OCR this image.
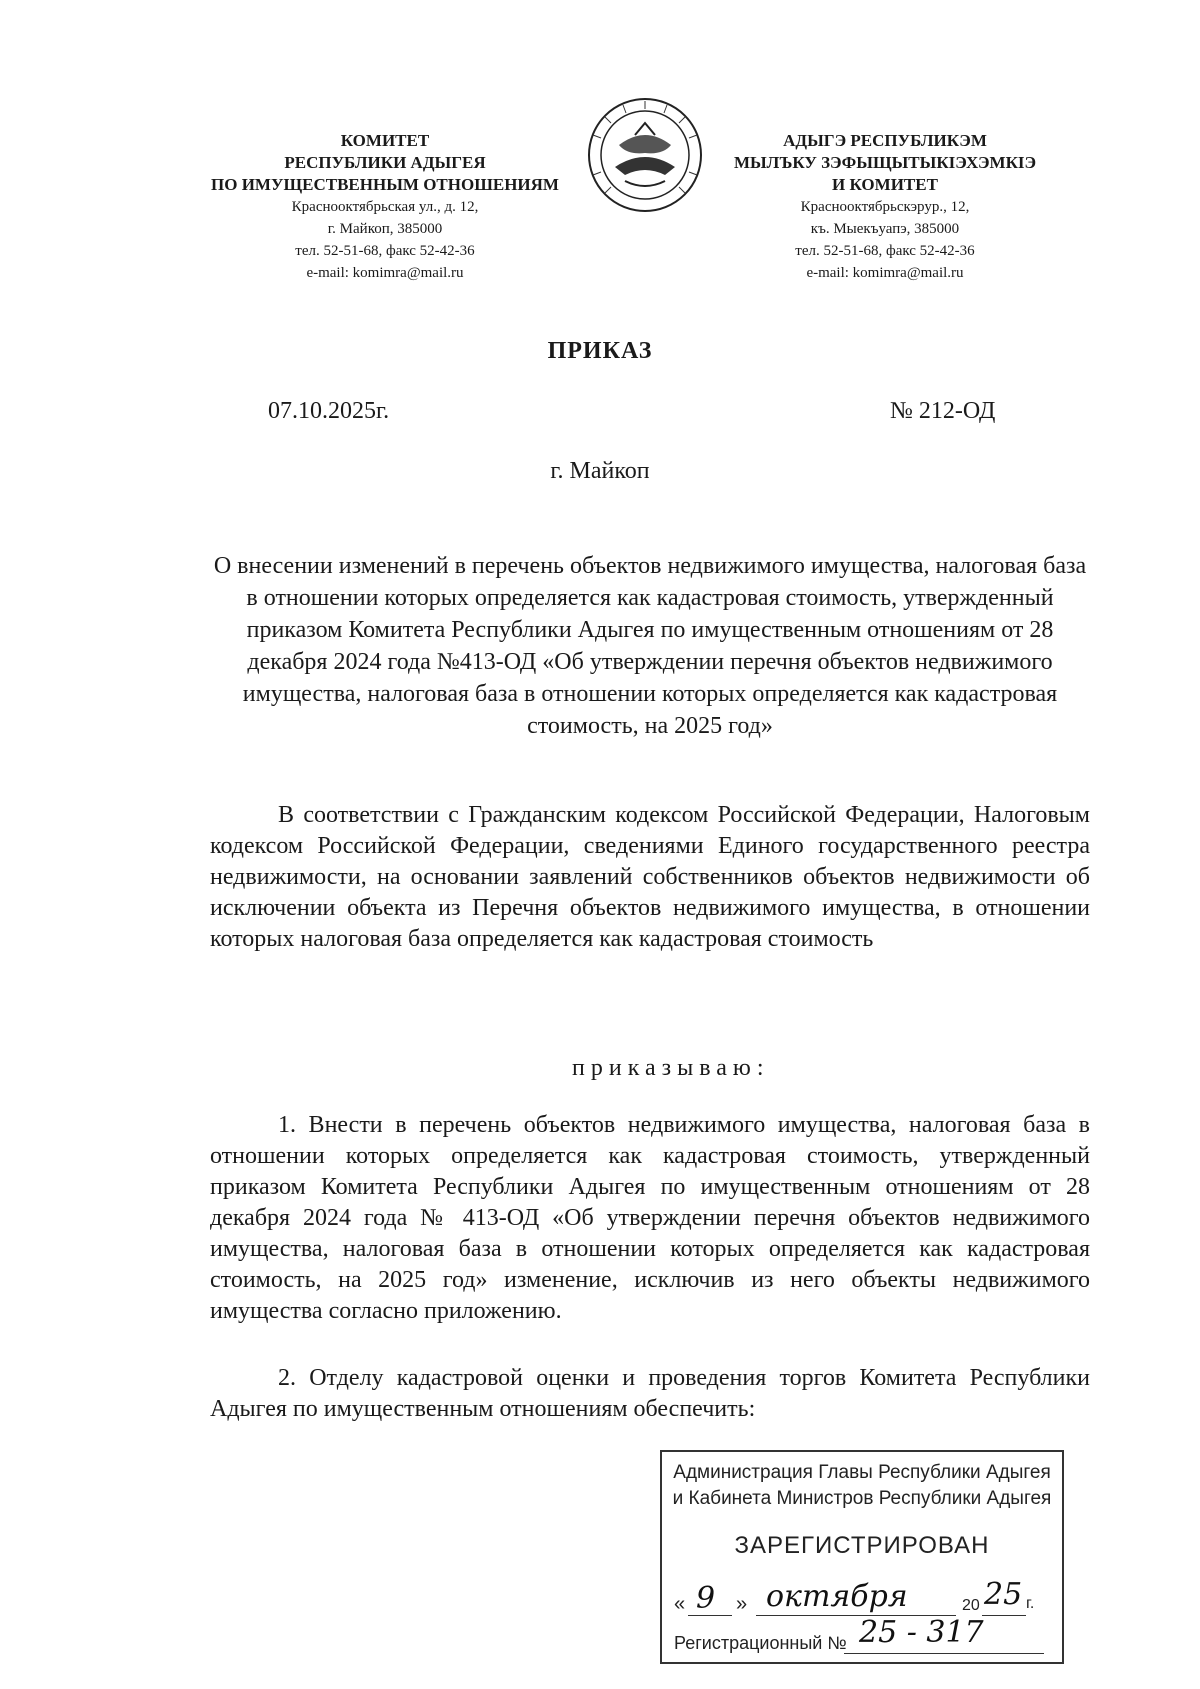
КОМИТЕТ
РЕСПУБЛИКИ АДЫГЕЯ
ПО ИМУЩЕСТВЕННЫМ ОТНОШЕНИЯМ
Краснооктябрьская ул., д. 12,
г. Майкоп, 385000
тел. 52-51-68, факс 52-42-36
e-mail: komimra@mail.ru
АДЫГЭ РЕСПУБЛИКЭМ
МЫЛЪКУ ЗЭФЫЩЫТЫКIЭХЭМКIЭ
И КОМИТЕТ
Краснооктябрьскэрур., 12,
къ. Мыекъуапэ, 385000
тел. 52-51-68, факс 52-42-36
e-mail: komimra@mail.ru
ПРИКАЗ
07.10.2025г.	№ 212-ОД
г. Майкоп
О внесении изменений в перечень объектов недвижимого имущества, налоговая база в отношении которых определяется как кадастровая стоимость, утвержденный приказом Комитета Республики Адыгея по имущественным отношениям от 28 декабря 2024 года №413-ОД «Об утверждении перечня объектов недвижимого имущества, налоговая база в отношении которых определяется как кадастровая стоимость, на 2025 год»
В соответствии с Гражданским кодексом Российской Федерации, Налоговым кодексом Российской Федерации, сведениями Единого государственного реестра недвижимости, на основании заявлений собственников объектов недвижимости об исключении объекта из Перечня объектов недвижимого имущества, в отношении которых налоговая база определяется как кадастровая стоимость
приказываю:
1. Внести в перечень объектов недвижимого имущества, налоговая база в отношении которых определяется как кадастровая стоимость, утвержденный приказом Комитета Республики Адыгея по имущественным отношениям от 28 декабря 2024 года № 413-ОД «Об утверждении перечня объектов недвижимого имущества, налоговая база в отношении которых определяется как кадастровая стоимость, на 2025 год» изменение, исключив из него объекты недвижимого имущества согласно приложению.
2. Отделу кадастровой оценки и проведения торгов Комитета Республики Адыгея по имущественным отношениям обеспечить:
Администрация Главы Республики Адыгея
и Кабинета Министров Республики Адыгея
ЗАРЕГИСТРИРОВАН
« 9 » октября	20 25 г.
Регистрационный № 25 - 317
